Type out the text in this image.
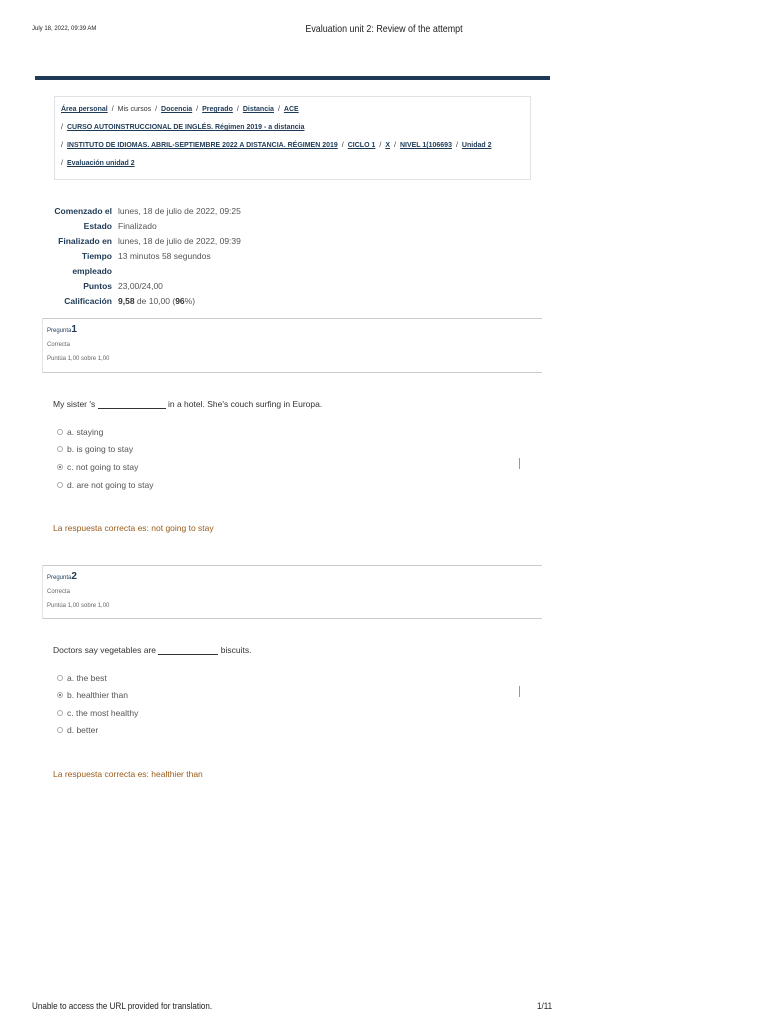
July 18, 2022, 09:39 AM	Evaluation unit 2: Review of the attempt
Área personal / Mis cursos / Docencia / Pregrado / Distancia / ACE
/ CURSO AUTOINSTRUCCIONAL DE INGLÉS. Régimen 2019 - a distancia
/ INSTITUTO DE IDIOMAS. ABRIL-SEPTIEMBRE 2022 A DISTANCIA. RÉGIMEN 2019 / CICLO 1 / X / NIVEL 1(106693 / Unidad 2
/ Evaluación unidad 2
Comenzado el lunes, 18 de julio de 2022, 09:25
Estado Finalizado
Finalizado en lunes, 18 de julio de 2022, 09:39
Tiempo 13 minutos 58 segundos
empleado
Puntos 23,00/24,00
Calificación 9,58 de 10,00 (96%)
Pregunta1
Correcta
Puntúa 1,00 sobre 1,00
My sister 's	in a hotel. She's couch surfing in Europa.
a. staying
b. is going to stay
c. not going to stay
d. are not going to stay
La respuesta correcta es: not going to stay
Pregunta2
Correcta
Puntúa 1,00 sobre 1,00
Doctors say vegetables are	biscuits.
a. the best
b. healthier than
c. the most healthy
d. better
La respuesta correcta es: healthier than
Unable to access the URL provided for translation.	1/11
